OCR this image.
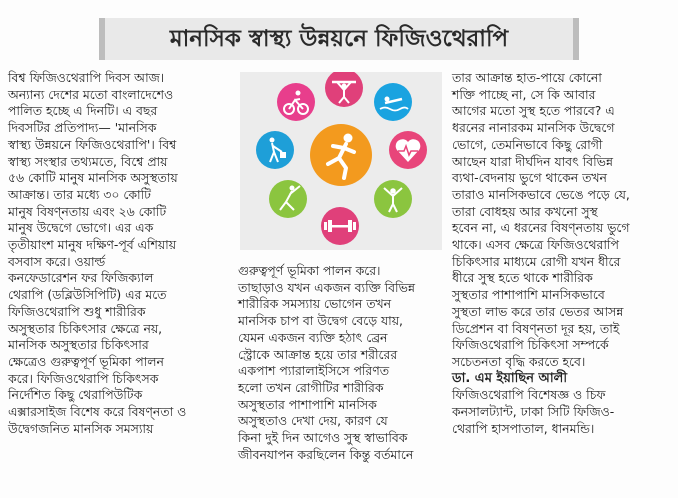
মানসিক স্বাস্থ্য উন্নয়নে ফিজিওথেরাপি

বিশ্ব ফিজিওথেরাপি দিবস আজ।

অন্যান্য দেশের মতো বাংলাদেশেও

পালিত হচ্ছে এ দিনটি। এ বছর

দিবসটির প্রতিপাদ্য— 'মানসিক

স্বাস্থ্য উন্নয়নে ফিজিওথেরাপি'। বিশ্ব

স্বাস্থ্য সংস্থার তথ্যমতে, বিশ্বে প্রায়

৫৬ কোটি মানুষ মানসিক অসুস্থতায়

আক্রান্ত। তার মধ্যে ৩০ কোটি

মানুষ বিষণ্নতায় এবং ২৬ কোটি

মানুষ উদ্বেগে ভোগে। এর এক

তৃতীয়াংশ মানুষ দক্ষিণ-পূর্ব এশিয়ায়

বসবাস করে। ওয়ার্ল্ড

কনফেডারেশন ফর ফিজিক্যাল

থেরাপি (ডব্লিউসিপিটি) এর মতে

ফিজিওথেরাপি শুধু শারীরিক

অসুস্থতার চিকিৎসার ক্ষেত্রে নয়,

মানসিক অসুস্থতার চিকিৎসার

ক্ষেত্রেও গুরুত্বপূর্ণ ভূমিকা পালন

করে। ফিজিওথেরাপি চিকিৎসক

নির্দেশিত কিছু থেরাপিউটিক

এক্সারসাইজ বিশেষ করে বিষণ্নতা ও

উদ্বেগজনিত মানসিক সমস্যায়

গুরুত্বপূর্ণ ভূমিকা পালন করে।

তাছাড়াও যখন একজন ব্যক্তি বিভিন্ন

শারীরিক সমস্যায় ভোগেন তখন

মানসিক চাপ বা উদ্বেগ বেড়ে যায়,

যেমন একজন ব্যক্তি হঠাৎ ব্রেন

স্ট্রোকে আক্রান্ত হয়ে তার শরীরের

একপাশ প্যারালাইসিসে পরিণত

হলো তখন রোগীটির শারীরিক

অসুস্থতার পাশাপাশি মানসিক

অসুস্থতাও দেখা দেয়, কারণ যে

কিনা দুই দিন আগেও সুস্থ স্বাভাবিক

জীবনযাপন করছিলেন কিন্তু বর্তমানে

তার আক্রান্ত হাত-পায়ে কোনো

শক্তি পাচ্ছে না, সে কি আবার

আগের মতো সুস্থ হতে পারবে? এ

ধরনের নানারকম মানসিক উদ্বেগে

ভোগে, তেমনিভাবে কিছু রোগী

আছেন যারা দীর্ঘদিন যাবৎ বিভিন্ন

ব্যথা-বেদনায় ভুগে থাকেন তখন

তারাও মানসিকভাবে ভেঙে পড়ে যে,

তারা বোধহয় আর কখনো সুস্থ

হবেন না, এ ধরনের বিষণ্নতায় ভুগে

থাকে। এসব ক্ষেত্রে ফিজিওথেরাপি

চিকিৎসার মাধ্যমে রোগী যখন ধীরে

ধীরে সুস্থ হতে থাকে শারীরিক

সুস্থতার পাশাপাশি মানসিকভাবে

সুস্থতা লাভ করে তার ভেতর আসন্ন

ডিপ্রেশন বা বিষণ্নতা দূর হয়, তাই

ফিজিওথেরাপি চিকিৎসা সম্পর্কে

সচেতনতা বৃদ্ধি করতে হবে।

ডা. এম ইয়াছিন আলী

ফিজিওথেরাপি বিশেষজ্ঞ ও চিফ

কনসালট্যান্ট, ঢাকা সিটি ফিজিও-

থেরাপি হাসপাতাল, ধানমন্ডি।
